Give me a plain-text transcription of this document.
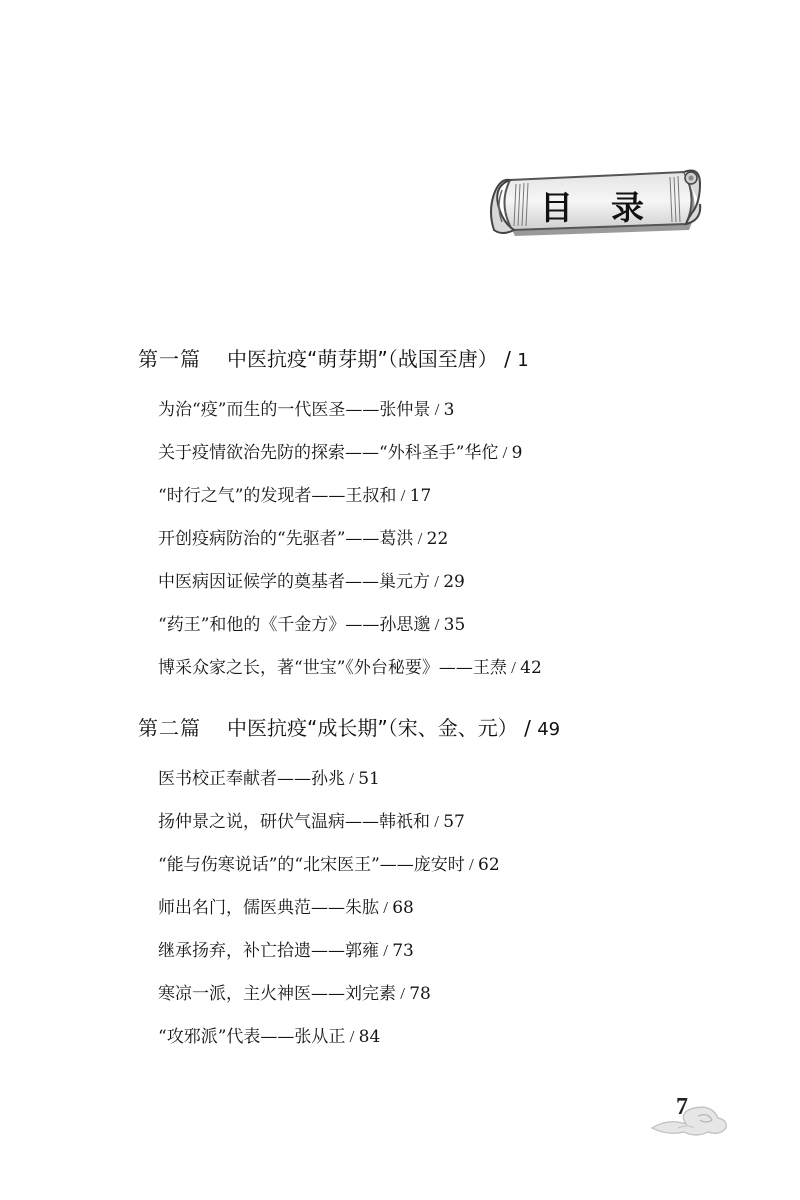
目录
第一篇 中医抗疫“萌芽期”（战国至唐） / 1
为治“疫”而生的一代医圣——张仲景 / 3
关于疫情欲治先防的探索——“外科圣手”华佗 / 9
“时行之气”的发现者——王叔和 / 17
开创疫病防治的“先驱者”——葛洪 / 22
中医病因证候学的奠基者——巢元方 / 29
“药王”和他的《千金方》——孙思邈 / 35
博采众家之长，著“世宝”《外台秘要》——王焘 / 42
第二篇 中医抗疫“成长期”（宋、金、元） / 49
医书校正奉献者——孙兆 / 51
扬仲景之说，研伏气温病——韩祇和 / 57
“能与伤寒说话”的“北宋医王”——庞安时 / 62
师出名门，儒医典范——朱肱 / 68
继承扬弃，补亡拾遗——郭雍 / 73
寒凉一派，主火神医——刘完素 / 78
“攻邪派”代表——张从正 / 84
7
